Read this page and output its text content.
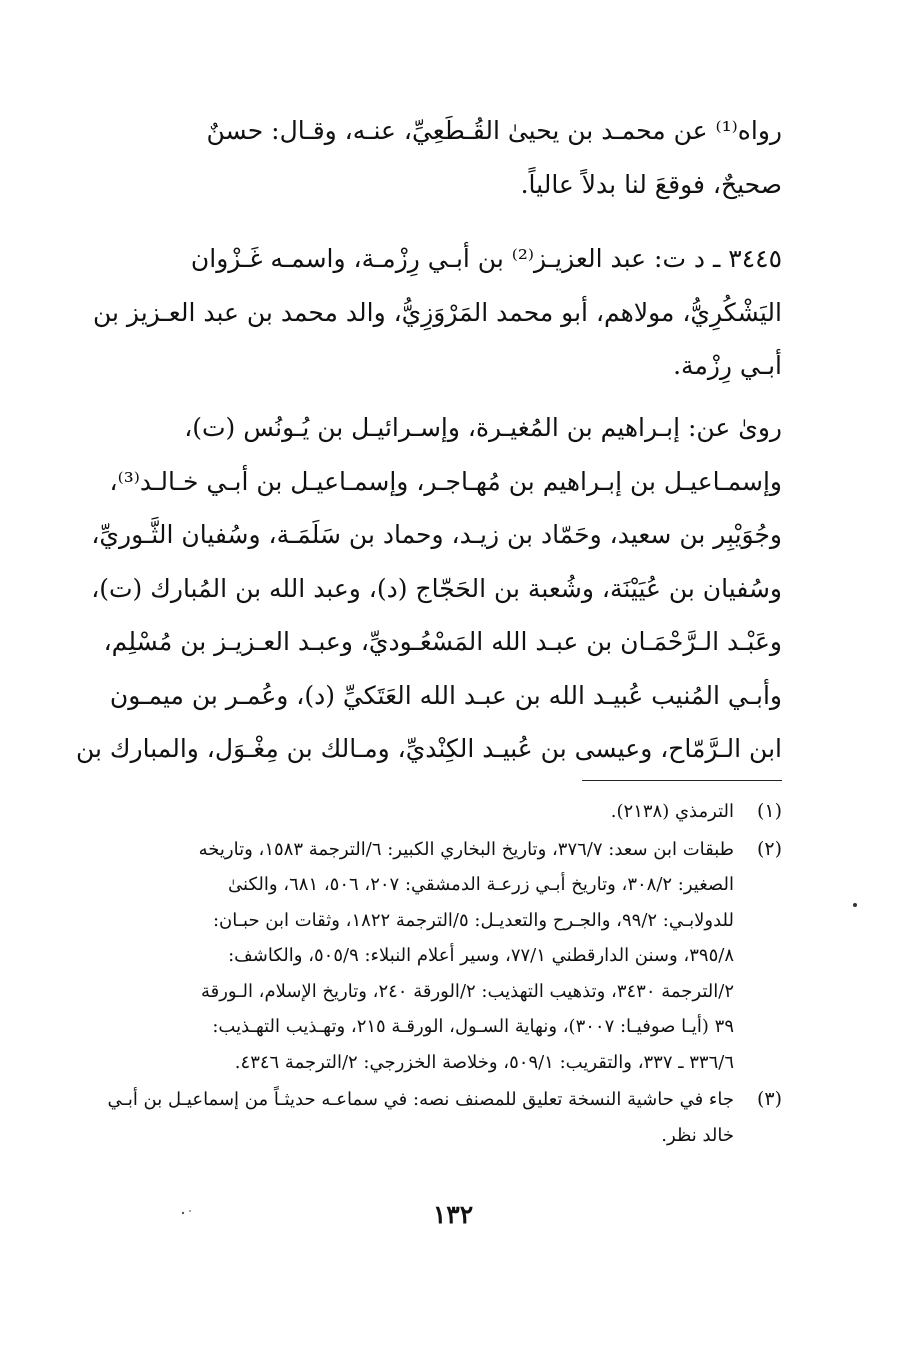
رواه⁽¹⁾ عن محمـد بن يحيىٰ القُـطَعِيِّ، عنـه، وقـال: حسنٌ
صحيحٌ، فوقعَ لنا بدلاً عالياً.
٣٤٤٥ ـ د ت: عبد العزيـز⁽²⁾ بن أبـي رِزْمـة، واسمـه غَـزْوان
اليَشْكُرِيُّ، مولاهم، أبو محمد المَرْوَزِيُّ، والد محمد بن عبد العـزيز بن
أبـي رِزْمة.
روىٰ عن: إبـراهيم بن المُغيـرة، وإسـرائيـل بن يُـونُس (ت)،
وإسمـاعيـل بن إبـراهيم بن مُهـاجـر، وإسمـاعيـل بن أبـي خـالـد⁽³⁾،
وجُوَيْبِر بن سعيد، وحَمّاد بن زيـد، وحماد بن سَلَمَـة، وسُفيان الثَّـوريِّ،
وسُفيان بن عُيَيْنَة، وشُعبة بن الحَجّاج (د)، وعبد الله بن المُبارك (ت)،
وعَبْـد الـرَّحْمَـان بن عبـد الله المَسْعُـوديِّ، وعبـد العـزيـز بن مُسْلِم،
وأبـي المُنيب عُبيـد الله بن عبـد الله العَتَكيِّ (د)، وعُمـر بن ميمـون
ابن الـرَّمّاح، وعيسى بن عُبيـد الكِنْديِّ، ومـالك بن مِغْـوَل، والمبارك بن
(١)
الترمذي (٢١٣٨).
(٢)
طبقات ابن سعد: ٣٧٦/٧، وتاريخ البخاري الكبير: ٦/الترجمة ١٥٨٣، وتاريخه
الصغير: ٣٠٨/٢، وتاريخ أبـي زرعـة الدمشقي: ٢٠٧، ٥٠٦، ٦٨١، والكنىٰ
للدولابـي: ٩٩/٢، والجـرح والتعديـل: ٥/الترجمة ١٨٢٢، وثقات ابن حبـان:
٣٩٥/٨، وسنن الدارقطني ٧٧/١، وسير أعلام النبلاء: ٥٠٥/٩، والكاشف:
٢/الترجمة ٣٤٣٠، وتذهيب التهذيب: ٢/الورقة ٢٤٠، وتاريخ الإسلام، الـورقة
٣٩ (أيـا صوفيـا: ٣٠٠٧)، ونهاية السـول، الورقـة ٢١٥، وتهـذيب التهـذيب:
٣٣٦/٦ ـ ٣٣٧، والتقريب: ٥٠٩/١، وخلاصة الخزرجي: ٢/الترجمة ٤٣٤٦.
(٣)
جاء في حاشية النسخة تعليق للمصنف نصه: في سماعـه حديثـاً من إسماعيـل بن أبـي
خالد نظر.
١٣٢
